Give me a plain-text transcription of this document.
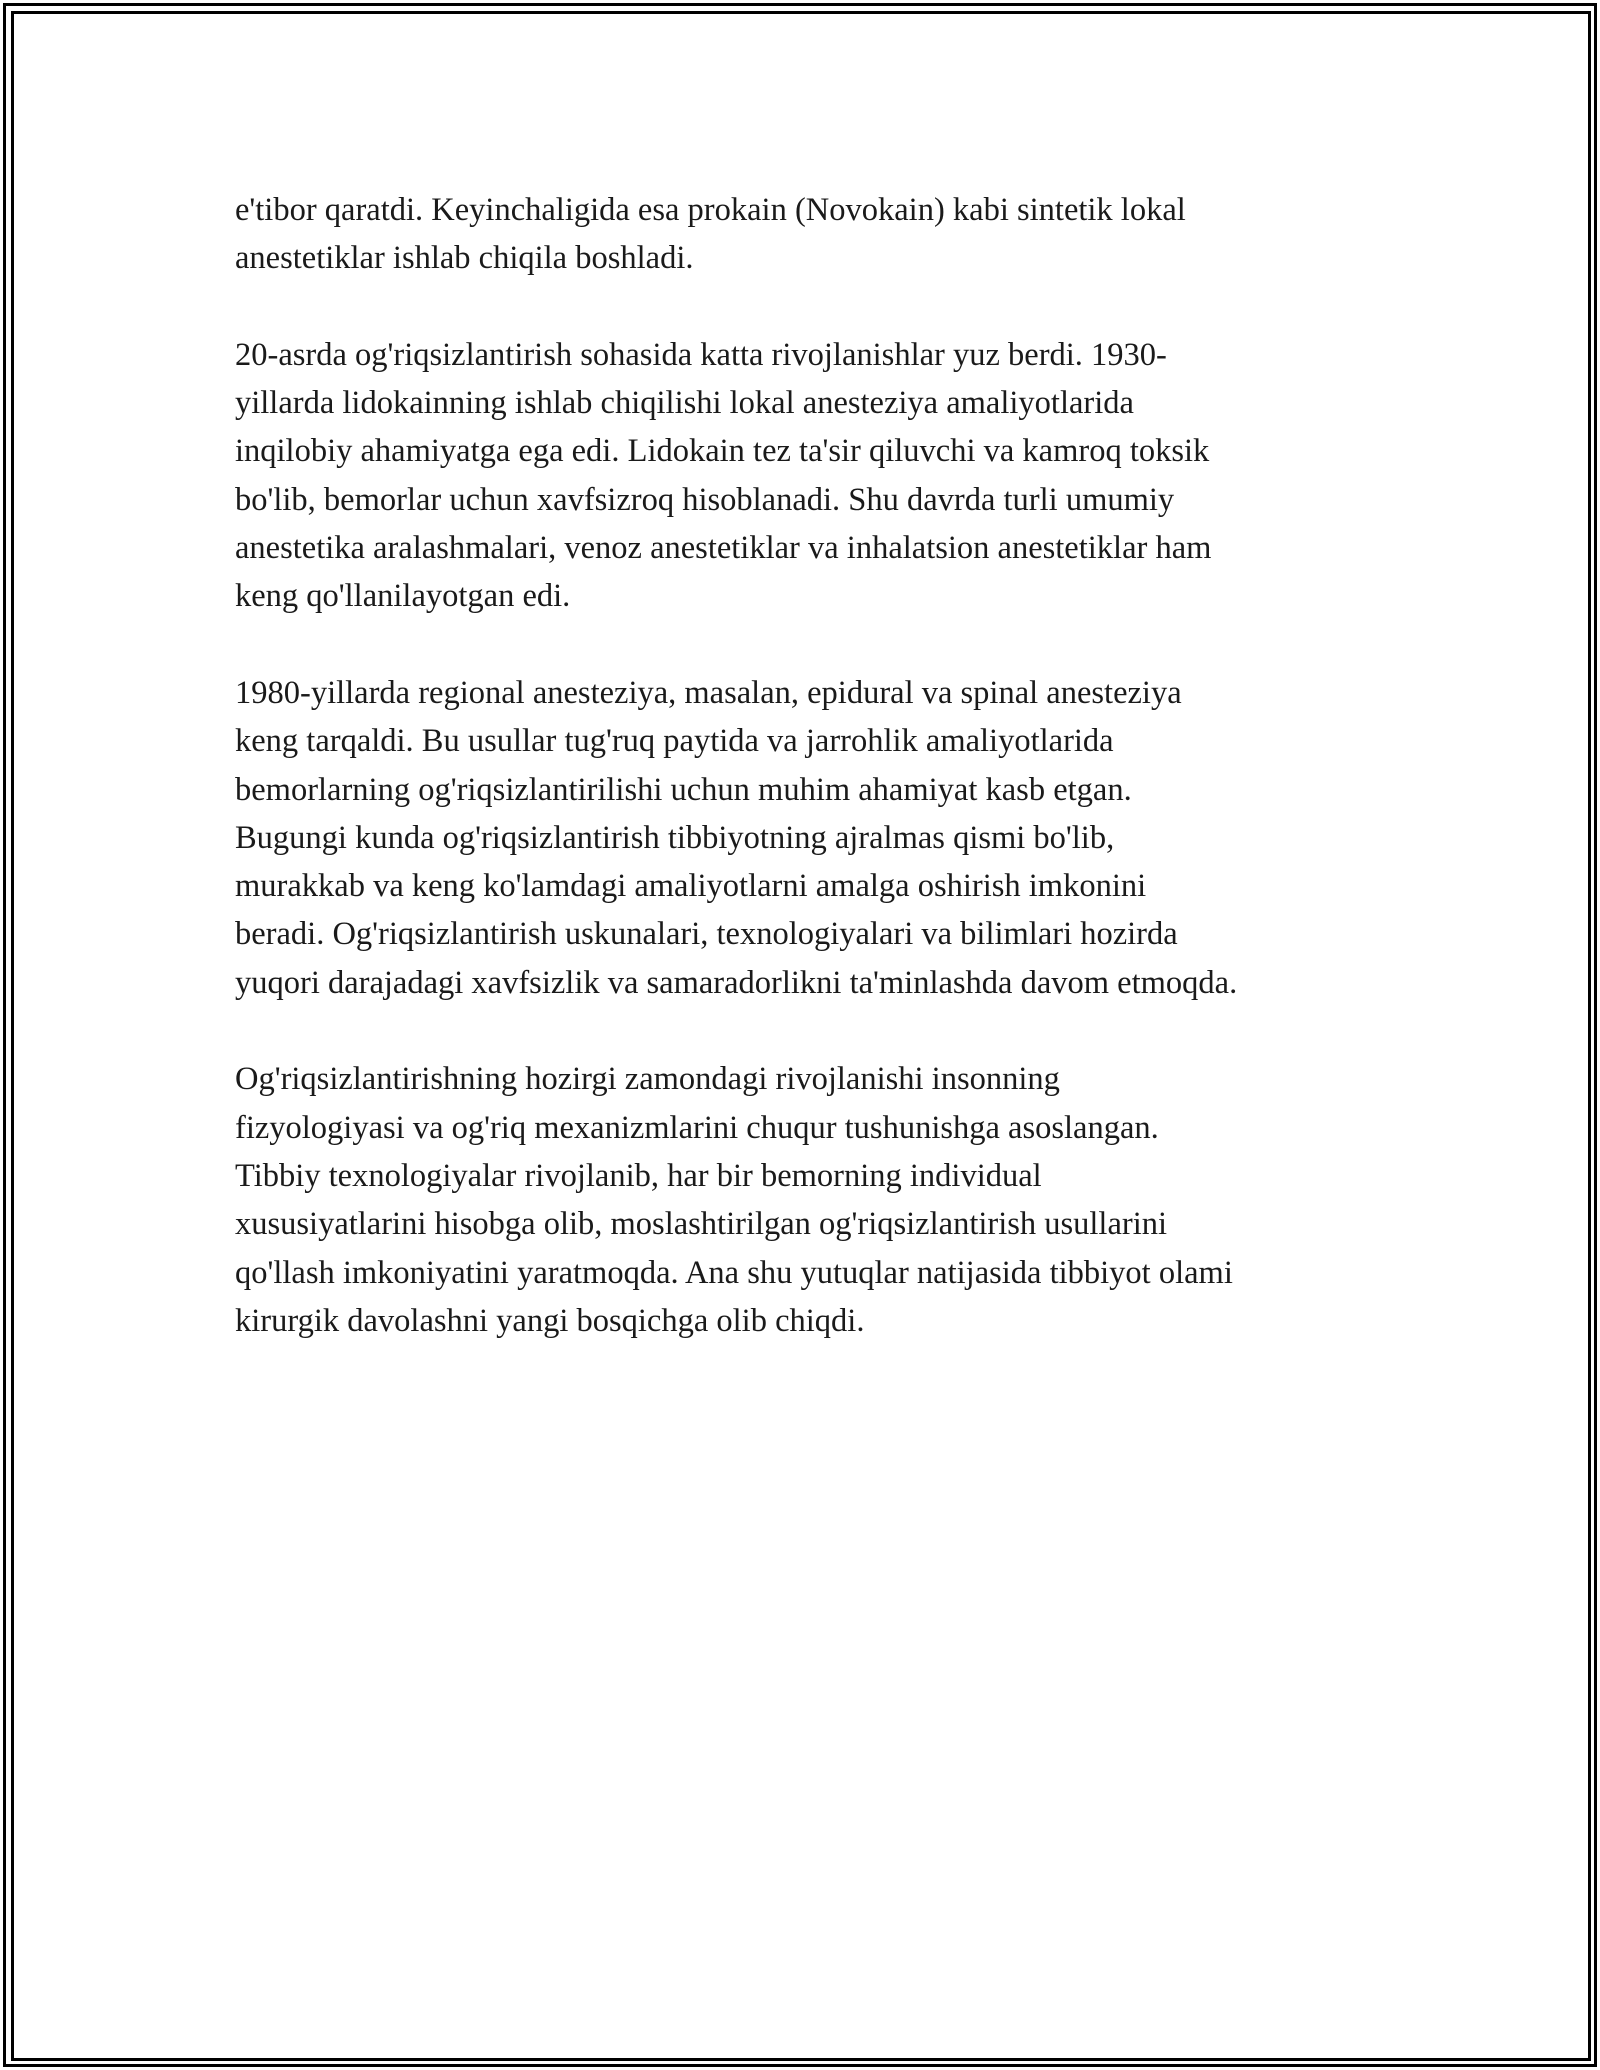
e'tibor qaratdi. Keyinchaligida esa prokain (Novokain) kabi sintetik lokal
anestetiklar ishlab chiqila boshladi.

20-asrda og'riqsizlantirish sohasida katta rivojlanishlar yuz berdi. 1930-
yillarda lidokainning ishlab chiqilishi lokal anesteziya amaliyotlarida
inqilobiy ahamiyatga ega edi. Lidokain tez ta'sir qiluvchi va kamroq toksik
bo'lib, bemorlar uchun xavfsizroq hisoblanadi. Shu davrda turli umumiy
anestetika aralashmalari, venoz anestetiklar va inhalatsion anestetiklar ham
keng qo'llanilayotgan edi.

1980-yillarda regional anesteziya, masalan, epidural va spinal anesteziya
keng tarqaldi. Bu usullar tug'ruq paytida va jarrohlik amaliyotlarida
bemorlarning og'riqsizlantirilishi uchun muhim ahamiyat kasb etgan.
Bugungi kunda og'riqsizlantirish tibbiyotning ajralmas qismi bo'lib,
murakkab va keng ko'lamdagi amaliyotlarni amalga oshirish imkonini
beradi. Og'riqsizlantirish uskunalari, texnologiyalari va bilimlari hozirda
yuqori darajadagi xavfsizlik va samaradorlikni ta'minlashda davom etmoqda.

Og'riqsizlantirishning hozirgi zamondagi rivojlanishi insonning
fizyologiyasi va og'riq mexanizmlarini chuqur tushunishga asoslangan.
Tibbiy texnologiyalar rivojlanib, har bir bemorning individual
xususiyatlarini hisobga olib, moslashtirilgan og'riqsizlantirish usullarini
qo'llash imkoniyatini yaratmoqda. Ana shu yutuqlar natijasida tibbiyot olami
kirurgik davolashni yangi bosqichga olib chiqdi.
